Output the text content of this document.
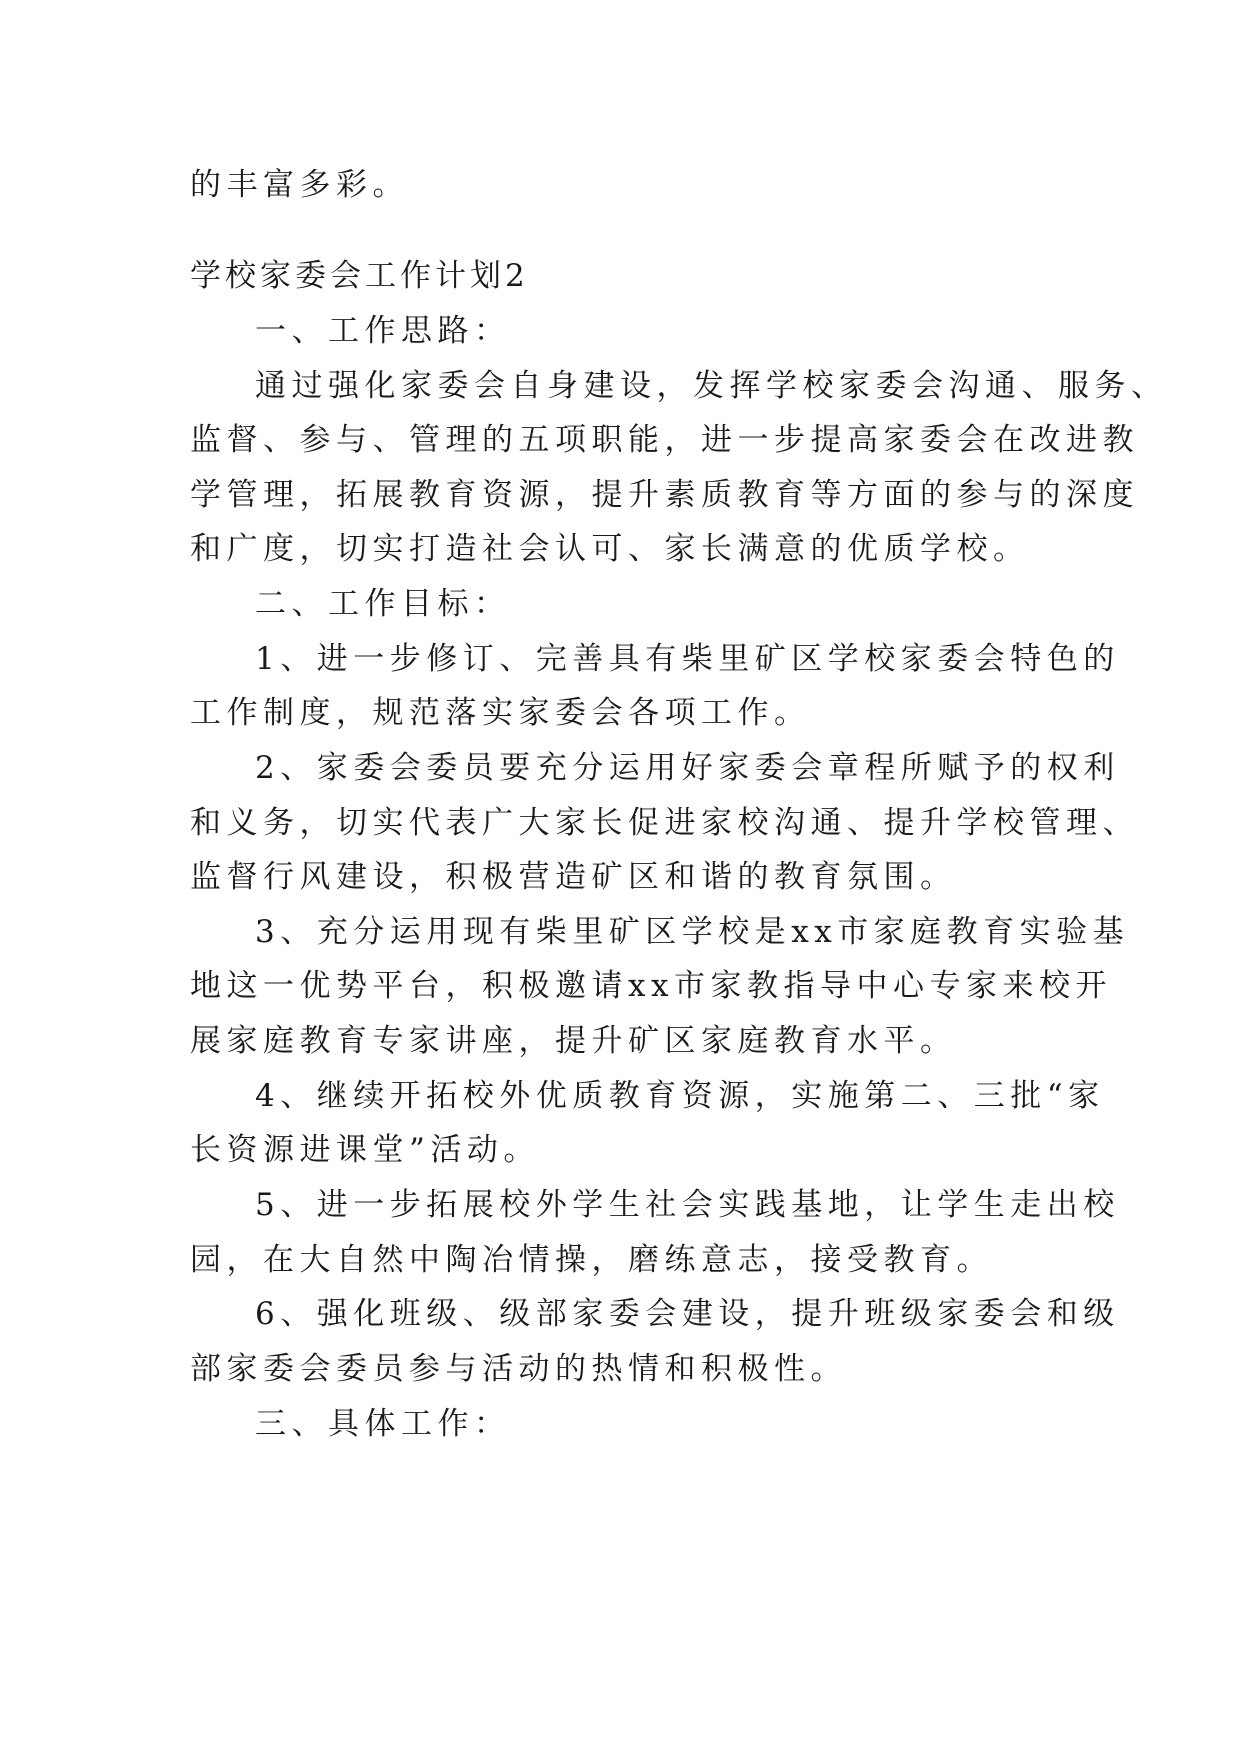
的丰富多彩。
学校家委会工作计划2
一、工作思路：
通过强化家委会自身建设，发挥学校家委会沟通、服务、
监督、参与、管理的五项职能，进一步提高家委会在改进教
学管理，拓展教育资源，提升素质教育等方面的参与的深度
和广度，切实打造社会认可、家长满意的优质学校。
二、工作目标：
1、进一步修订、完善具有柴里矿区学校家委会特色的
工作制度，规范落实家委会各项工作。
2、家委会委员要充分运用好家委会章程所赋予的权利
和义务，切实代表广大家长促进家校沟通、提升学校管理、
监督行风建设，积极营造矿区和谐的教育氛围。
3、充分运用现有柴里矿区学校是xx市家庭教育实验基
地这一优势平台，积极邀请xx市家教指导中心专家来校开
展家庭教育专家讲座，提升矿区家庭教育水平。
4、继续开拓校外优质教育资源，实施第二、三批“家
长资源进课堂”活动。
5、进一步拓展校外学生社会实践基地，让学生走出校
园，在大自然中陶冶情操，磨练意志，接受教育。
6、强化班级、级部家委会建设，提升班级家委会和级
部家委会委员参与活动的热情和积极性。
三、具体工作：
